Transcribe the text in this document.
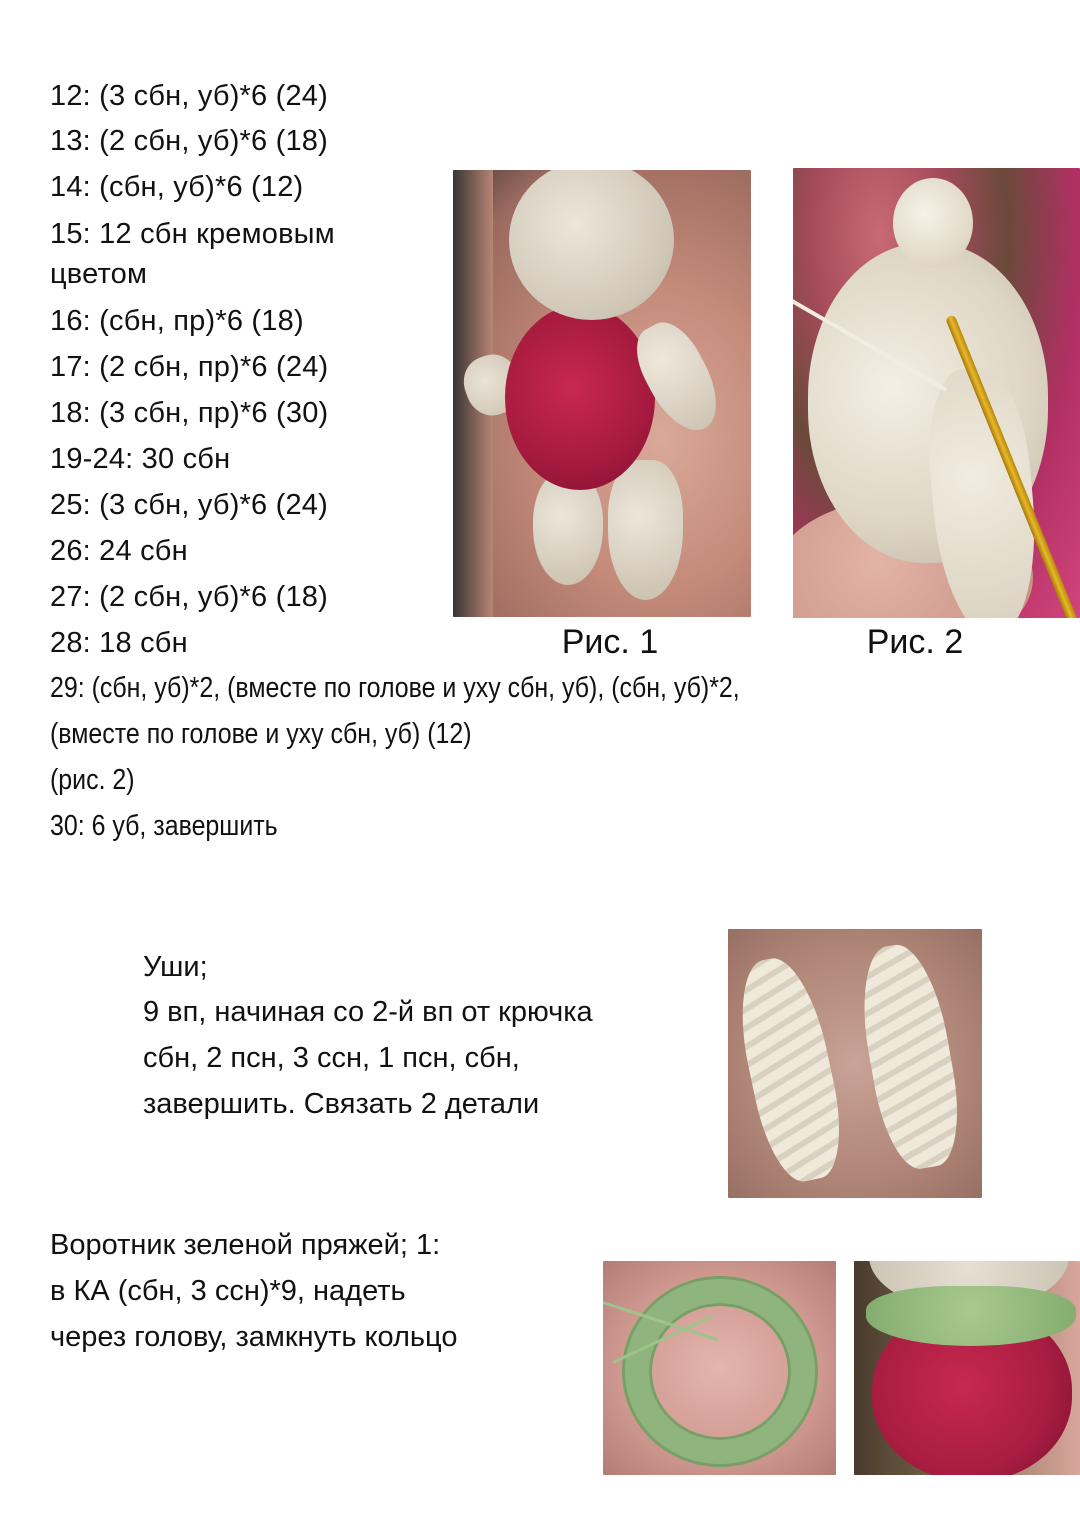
12: (3 сбн, уб)*6 (24)
13: (2 сбн, уб)*6 (18)
14: (сбн, уб)*6 (12)
15: 12 сбн кремовым
цветом
16: (сбн, пр)*6 (18)
17: (2 сбн, пр)*6 (24)
18: (3 сбн, пр)*6 (30)
19-24: 30 сбн
25: (3 сбн, уб)*6 (24)
26: 24 сбн
27: (2 сбн, уб)*6 (18)
28: 18 сбн
29: (сбн, уб)*2, (вместе по голове и уху сбн, уб), (сбн, уб)*2,
(вместе по голове и уху сбн, уб) (12)
(рис. 2)
30: 6 уб, завершить
Рис. 1	Рис. 2
Уши;
9 вп, начиная со 2-й вп от крючка
сбн, 2 псн, 3 ссн, 1 псн, сбн,
завершить. Связать 2 детали
Воротник зеленой пряжей; 1:
в КА (сбн, 3 ссн)*9, надеть
через голову, замкнуть кольцо
